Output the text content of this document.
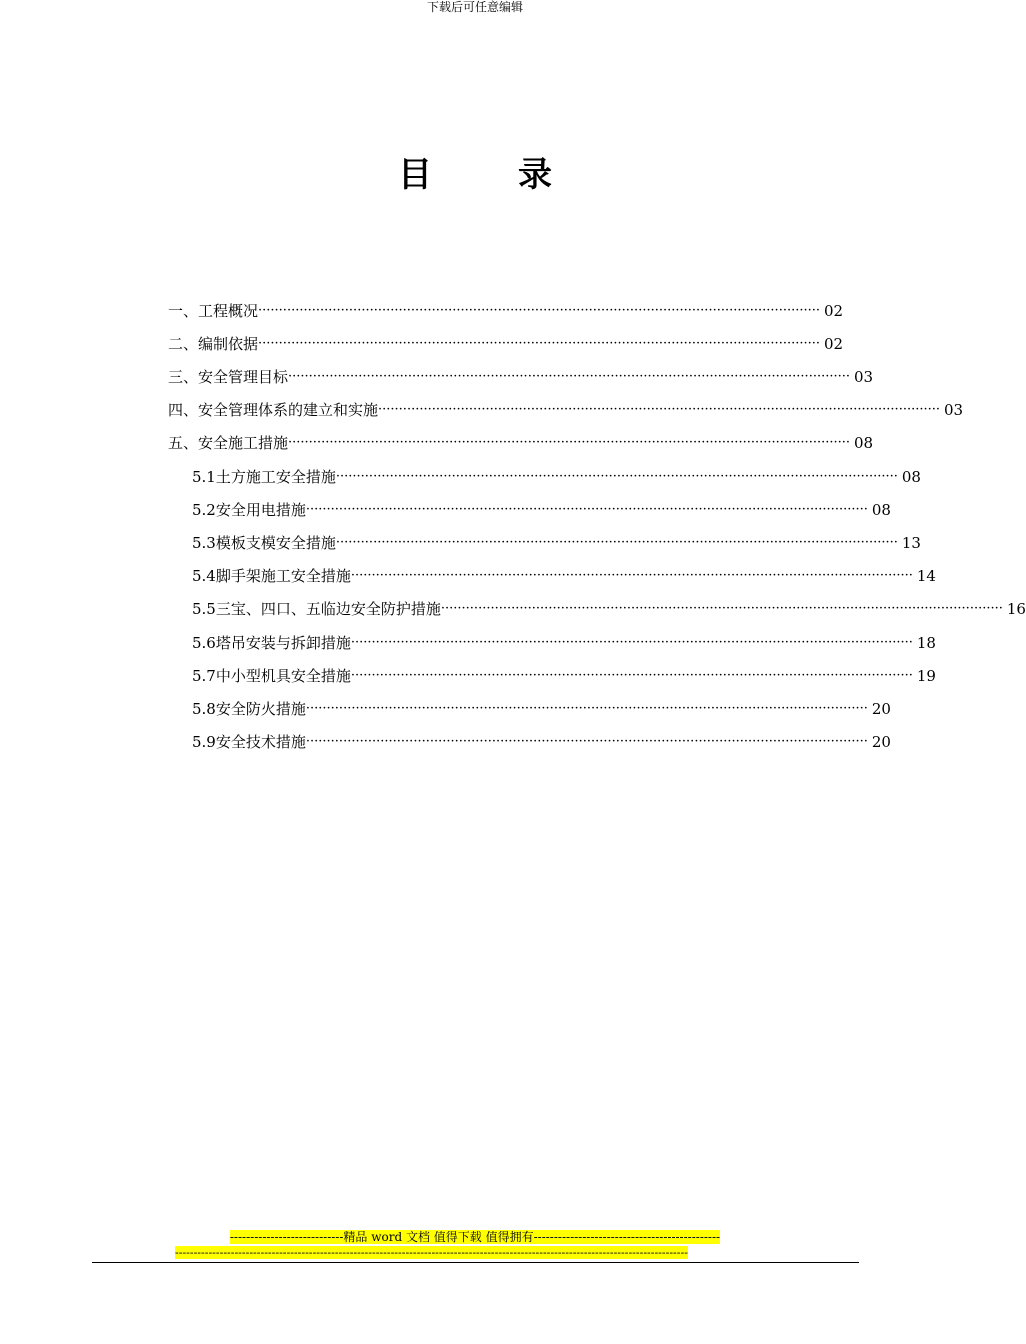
下载后可任意编辑
目录
一、工程概况 ········································································································································ 02
二、编制依据 ········································································································································ 02
三、安全管理目标 ········································································································································ 03
四、安全管理体系的建立和实施 ········································································································································ 03
五、安全施工措施 ········································································································································ 08
5.1 土方施工安全措施 ········································································································································ 08
5.2 安全用电措施 ········································································································································ 08
5.3 模板支模安全措施 ········································································································································ 13
5.4 脚手架施工安全措施 ········································································································································ 14
5.5 三宝、四口、五临边安全防护措施 ········································································································································ 16
5.6 塔吊安装与拆卸措施 ········································································································································ 18
5.7 中小型机具安全措施 ········································································································································ 19
5.8 安全防火措施 ········································································································································ 20
5.9 安全技术措施 ········································································································································ 20
----------------------------精品 word 文档 值得下载 值得拥有----------------------------------------------
------------------------------------------------------------------------------------------------------------------------------------------
